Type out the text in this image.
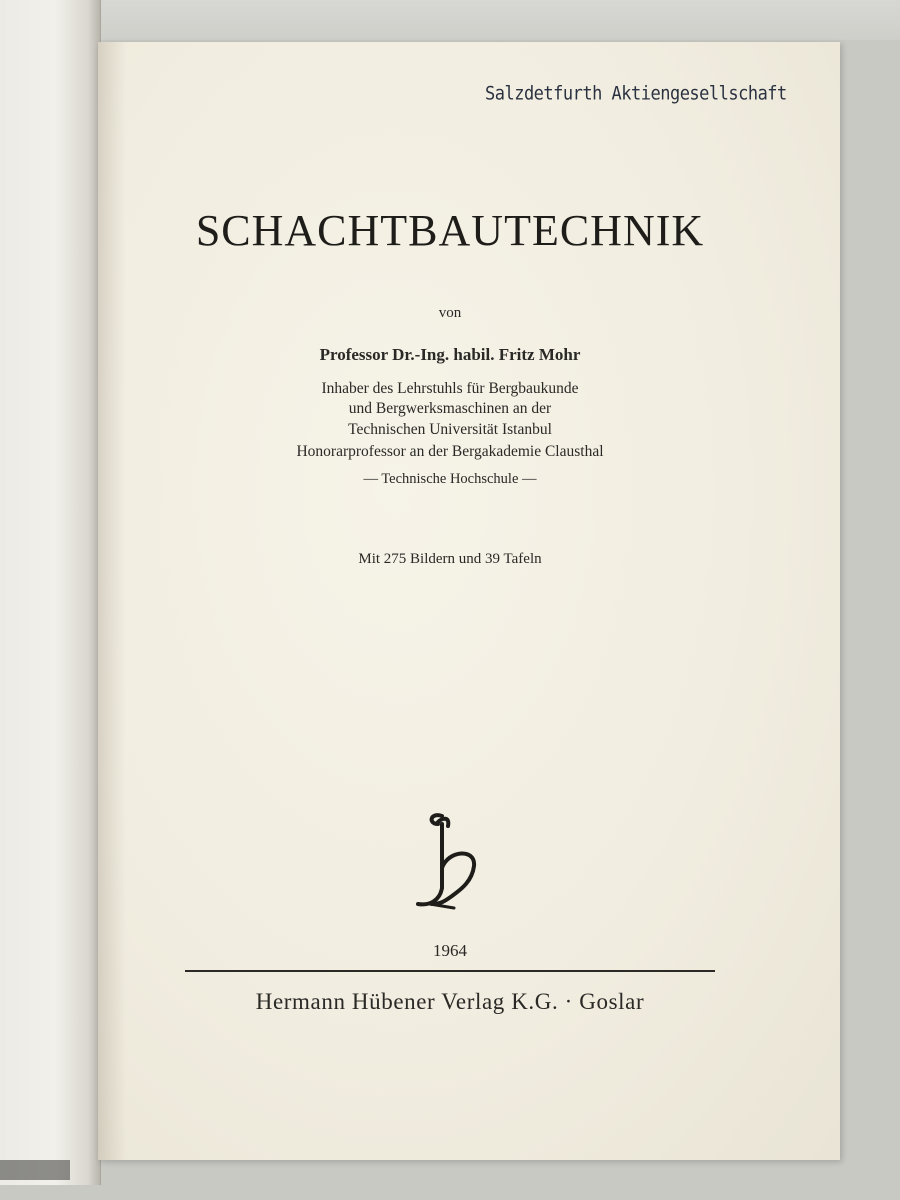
Salzdetfurth Aktiengesellschaft
SCHACHTBAUTECHNIK
von
Professor Dr.-Ing. habil. Fritz Mohr
Inhaber des Lehrstuhls für Bergbaukunde
und Bergwerksmaschinen an der
Technischen Universität Istanbul
Honorarprofessor an der Bergakademie Clausthal
— Technische Hochschule —
Mit 275 Bildern und 39 Tafeln
1964
Hermann Hübener Verlag K.G. · Goslar
